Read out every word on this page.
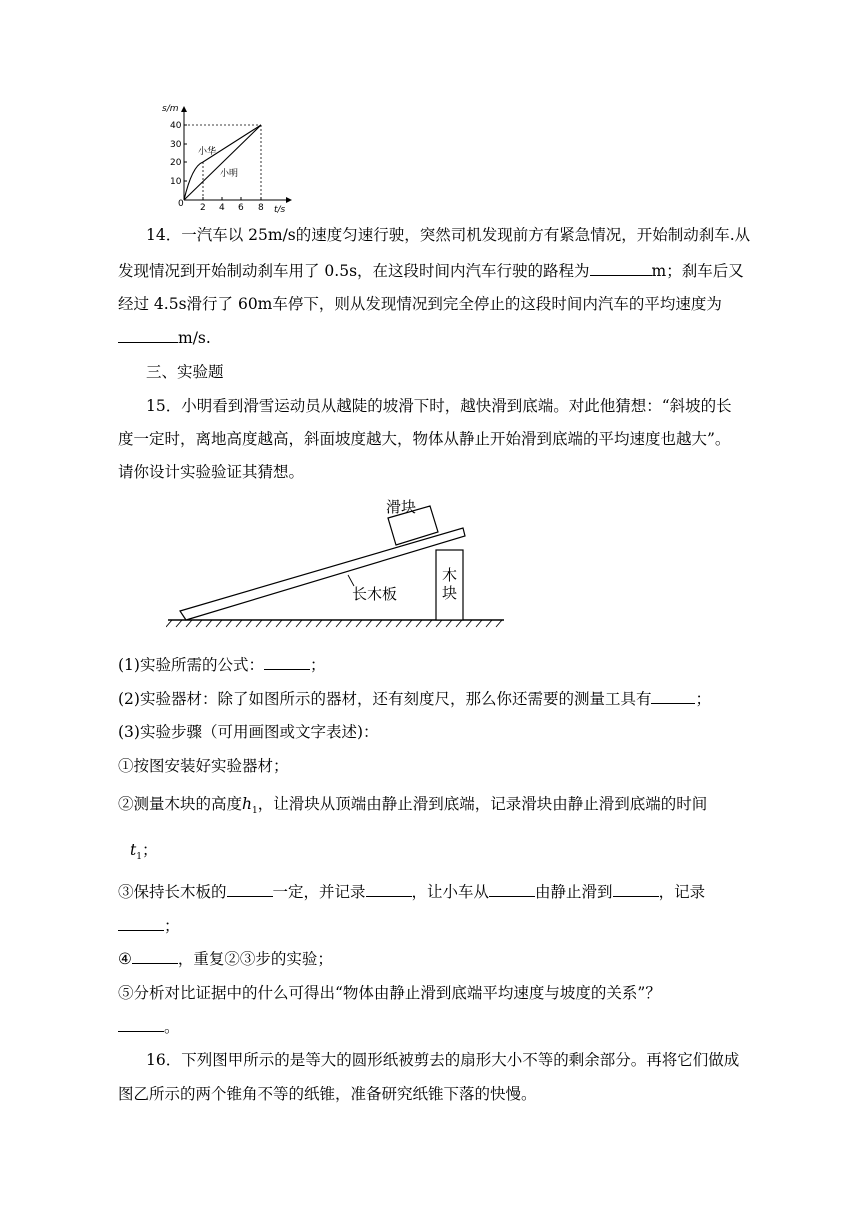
s/m
40
30
20
10
0 2 4 6 8 t/s
小华
小明
14．一汽车以 25m/s的速度匀速行驶，突然司机发现前方有紧急情况，开始制动刹车.从
发现情况到开始制动刹车用了 0.5s，在这段时间内汽车行驶的路程为	m；刹车后又
经过 4.5s滑行了 60m车停下，则从发现情况到完全停止的这段时间内汽车的平均速度为
m/s.
三、实验题
15．小明看到滑雪运动员从越陡的坡滑下时，越快滑到底端。对此他猜想：“斜坡的长
度一定时，离地高度越高，斜面坡度越大，物体从静止开始滑到底端的平均速度也越大”。
请你设计实验验证其猜想。
木
块
滑块
长木板
(1)实验所需的公式：	；
(2)实验器材：除了如图所示的器材，还有刻度尺，那么你还需要的测量工具有	；
(3)实验步骤（可用画图或文字表述)：
①按图安装好实验器材；
②测量木块的高度$h_1$，让滑块从顶端由静止滑到底端，记录滑块由静止滑到底端的时间
$t_1$；
③保持长木板的	一定，并记录	，让小车从	由静止滑到	，记录
；
④	，重复②③步的实验；
⑤分析对比证据中的什么可得出“物体由静止滑到底端平均速度与坡度的关系”？
。
16．下列图甲所示的是等大的圆形纸被剪去的扇形大小不等的剩余部分。再将它们做成
图乙所示的两个锥角不等的纸锥，准备研究纸锥下落的快慢。
